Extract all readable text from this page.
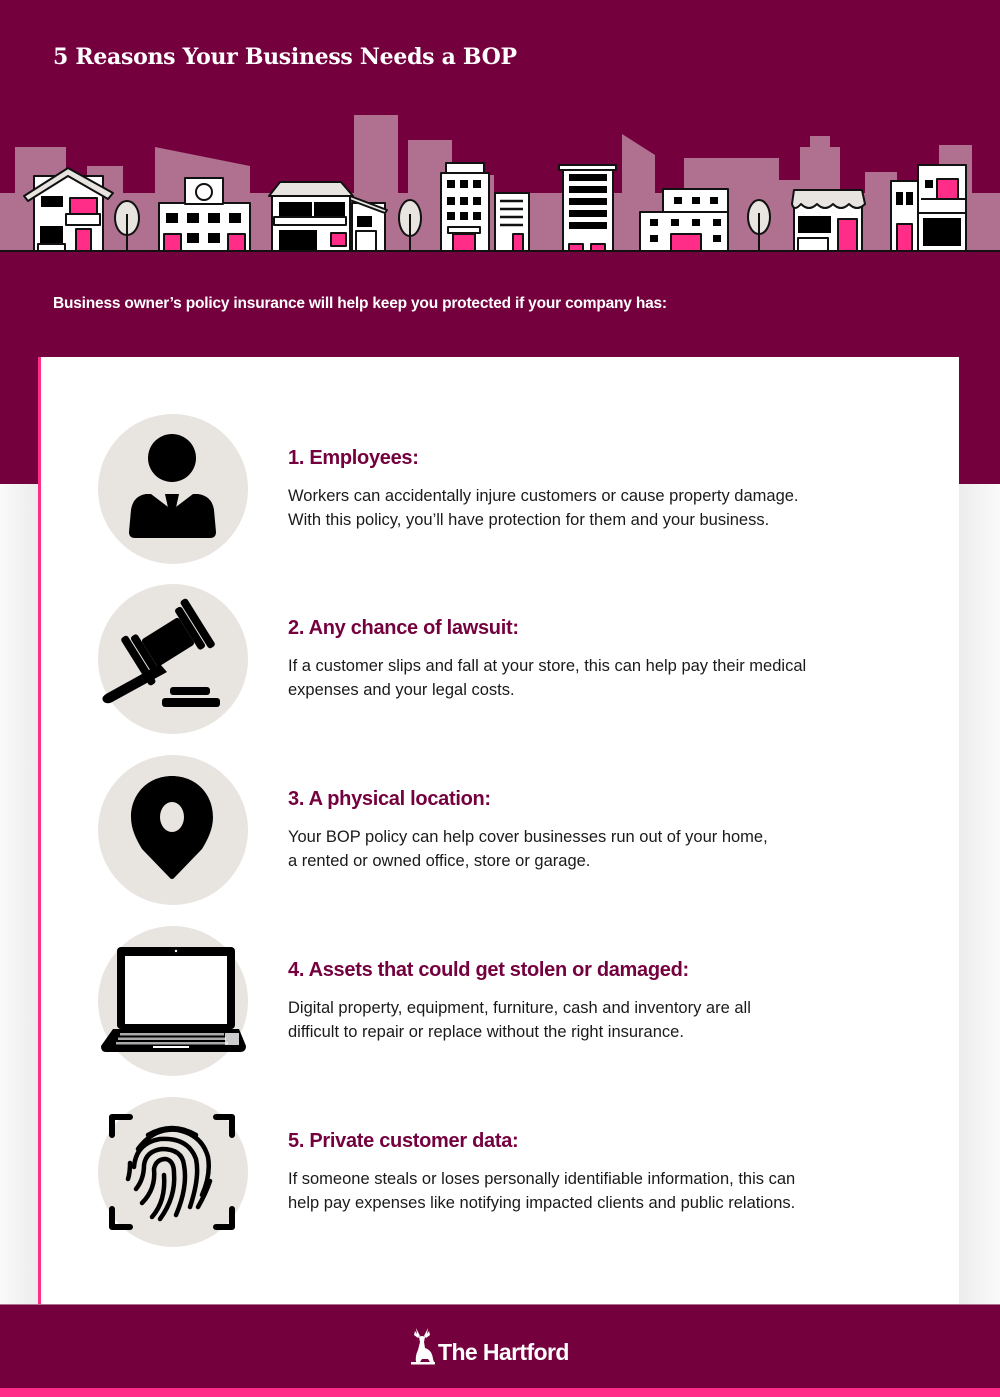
5 Reasons Your Business Needs a BOP

Business owner’s policy insurance will help keep you protected if your company has:

1. Employees:

Workers can accidentally injure customers or cause property damage.
With this policy, you’ll have protection for them and your business.

2. Any chance of lawsuit:

If a customer slips and fall at your store, this can help pay their medical
expenses and your legal costs.

3. A physical location:

Your BOP policy can help cover businesses run out of your home,
a rented or owned office, store or garage.

4. Assets that could get stolen or damaged:

Digital property, equipment, furniture, cash and inventory are all
difficult to repair or replace without the right insurance.

5. Private customer data:

If someone steals or loses personally identifiable information, this can
help pay expenses like notifying impacted clients and public relations.

The Hartford
